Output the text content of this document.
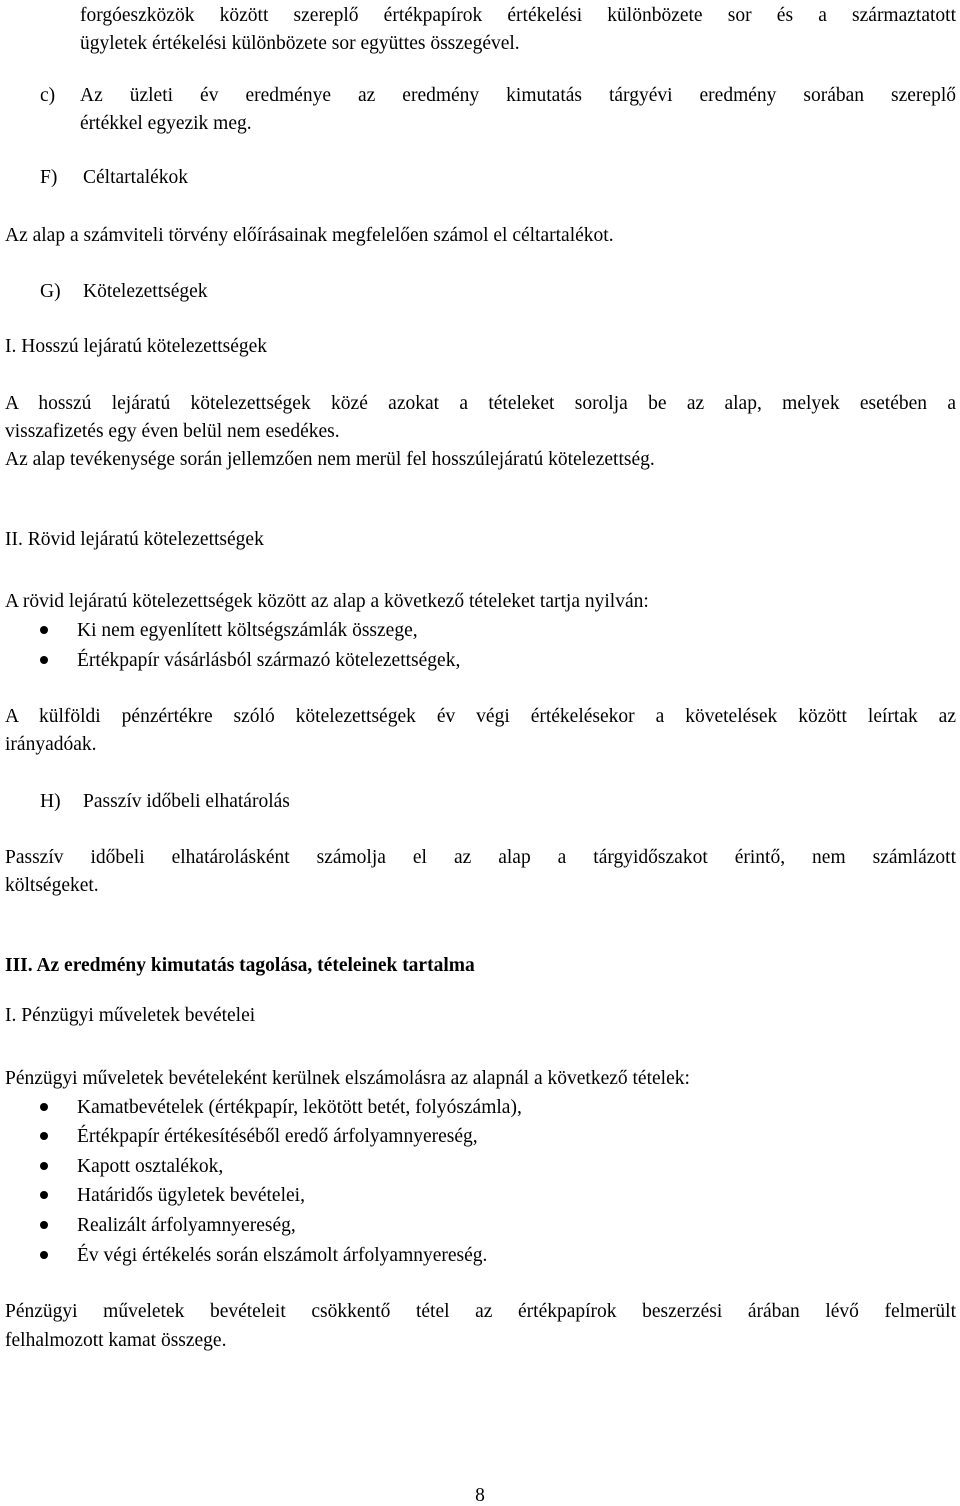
forgóeszközök között szereplő értékpapírok értékelési különbözete sor és a származtatott
ügyletek értékelési különbözete sor együttes összegével.
c) Az üzleti év eredménye az eredmény kimutatás tárgyévi eredmény sorában szereplő
értékkel egyezik meg.
F) Céltartalékok
Az alap a számviteli törvény előírásainak megfelelően számol el céltartalékot.
G) Kötelezettségek
I. Hosszú lejáratú kötelezettségek
A hosszú lejáratú kötelezettségek közé azokat a tételeket sorolja be az alap, melyek esetében a
visszafizetés egy éven belül nem esedékes.
Az alap tevékenysége során jellemzően nem merül fel hosszúlejáratú kötelezettség.
II. Rövid lejáratú kötelezettségek
A rövid lejáratú kötelezettségek között az alap a következő tételeket tartja nyilván:
Ki nem egyenlített költségszámlák összege,
Értékpapír vásárlásból származó kötelezettségek,
A külföldi pénzértékre szóló kötelezettségek év végi értékelésekor a követelések között leírtak az
irányadóak.
H) Passzív időbeli elhatárolás
Passzív időbeli elhatárolásként számolja el az alap a tárgyidőszakot érintő, nem számlázott
költségeket.
III. Az eredmény kimutatás tagolása, tételeinek tartalma
I. Pénzügyi műveletek bevételei
Pénzügyi műveletek bevételeként kerülnek elszámolásra az alapnál a következő tételek:
Kamatbevételek (értékpapír, lekötött betét, folyószámla),
Értékpapír értékesítéséből eredő árfolyamnyereség,
Kapott osztalékok,
Határidős ügyletek bevételei,
Realizált árfolyamnyereség,
Év végi értékelés során elszámolt árfolyamnyereség.
Pénzügyi műveletek bevételeit csökkentő tétel az értékpapírok beszerzési árában lévő felmerült
felhalmozott kamat összege.
8
